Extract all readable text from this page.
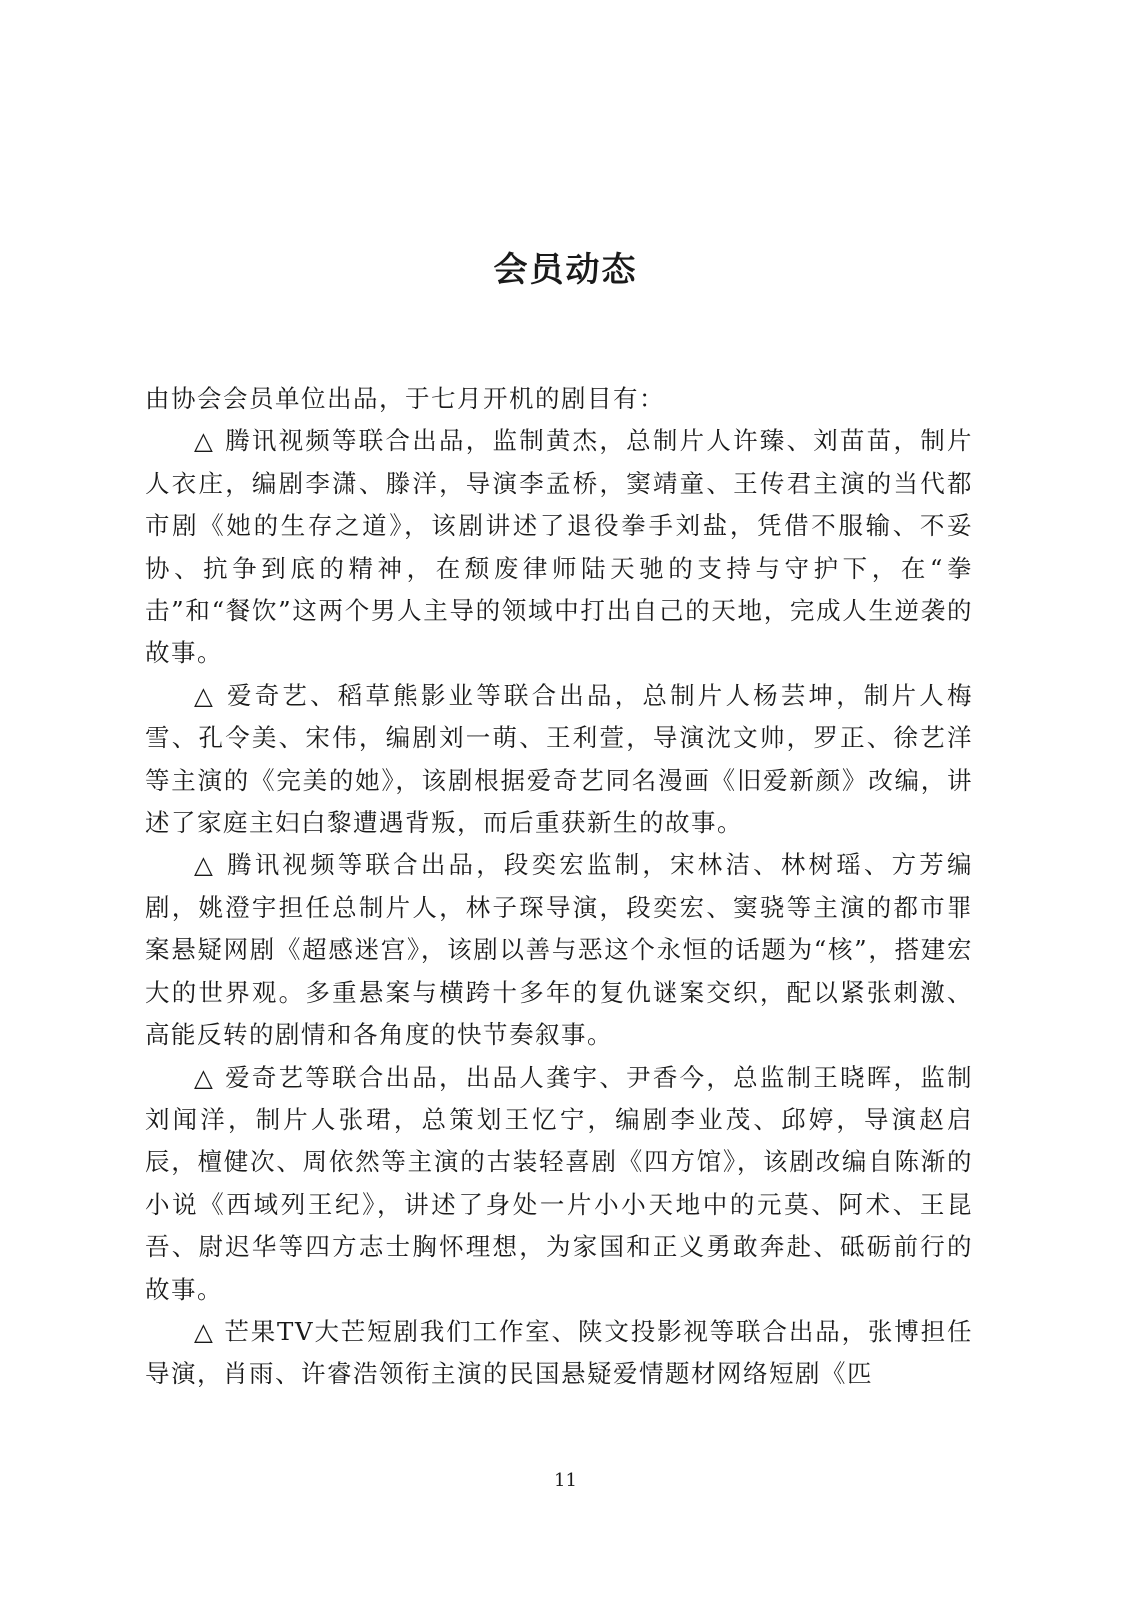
会员动态

由协会会员单位出品，于七月开机的剧目有：

△ 腾讯视频等联合出品，监制黄杰，总制片人许臻、刘苗苗，制片人衣庄，编剧李潇、滕洋，导演李孟桥，窦靖童、王传君主演的当代都市剧《她的生存之道》，该剧讲述了退役拳手刘盐，凭借不服输、不妥协、抗争到底的精神，在颓废律师陆天驰的支持与守护下，在“拳击”和“餐饮”这两个男人主导的领域中打出自己的天地，完成人生逆袭的故事。

△ 爱奇艺、稻草熊影业等联合出品，总制片人杨芸坤，制片人梅雪、孔令美、宋伟，编剧刘一萌、王利萱，导演沈文帅，罗正、徐艺洋等主演的《完美的她》，该剧根据爱奇艺同名漫画《旧爱新颜》改编，讲述了家庭主妇白黎遭遇背叛，而后重获新生的故事。

△ 腾讯视频等联合出品，段奕宏监制，宋林洁、林树瑶、方芳编剧，姚澄宇担任总制片人，林子琛导演，段奕宏、窦骁等主演的都市罪案悬疑网剧《超感迷宫》，该剧以善与恶这个永恒的话题为“核”，搭建宏大的世界观。多重悬案与横跨十多年的复仇谜案交织，配以紧张刺激、高能反转的剧情和各角度的快节奏叙事。

△ 爱奇艺等联合出品，出品人龚宇、尹香今，总监制王晓晖，监制刘闻洋，制片人张珺，总策划王忆宁，编剧李业茂、邱婷，导演赵启辰，檀健次、周依然等主演的古装轻喜剧《四方馆》，该剧改编自陈渐的小说《西域列王纪》，讲述了身处一片小小天地中的元莫、阿术、王昆吾、尉迟华等四方志士胸怀理想，为家国和正义勇敢奔赴、砥砺前行的故事。

△ 芒果TV大芒短剧我们工作室、陕文投影视等联合出品，张博担任导演，肖雨、许睿浩领衔主演的民国悬疑爱情题材网络短剧《匹

11
